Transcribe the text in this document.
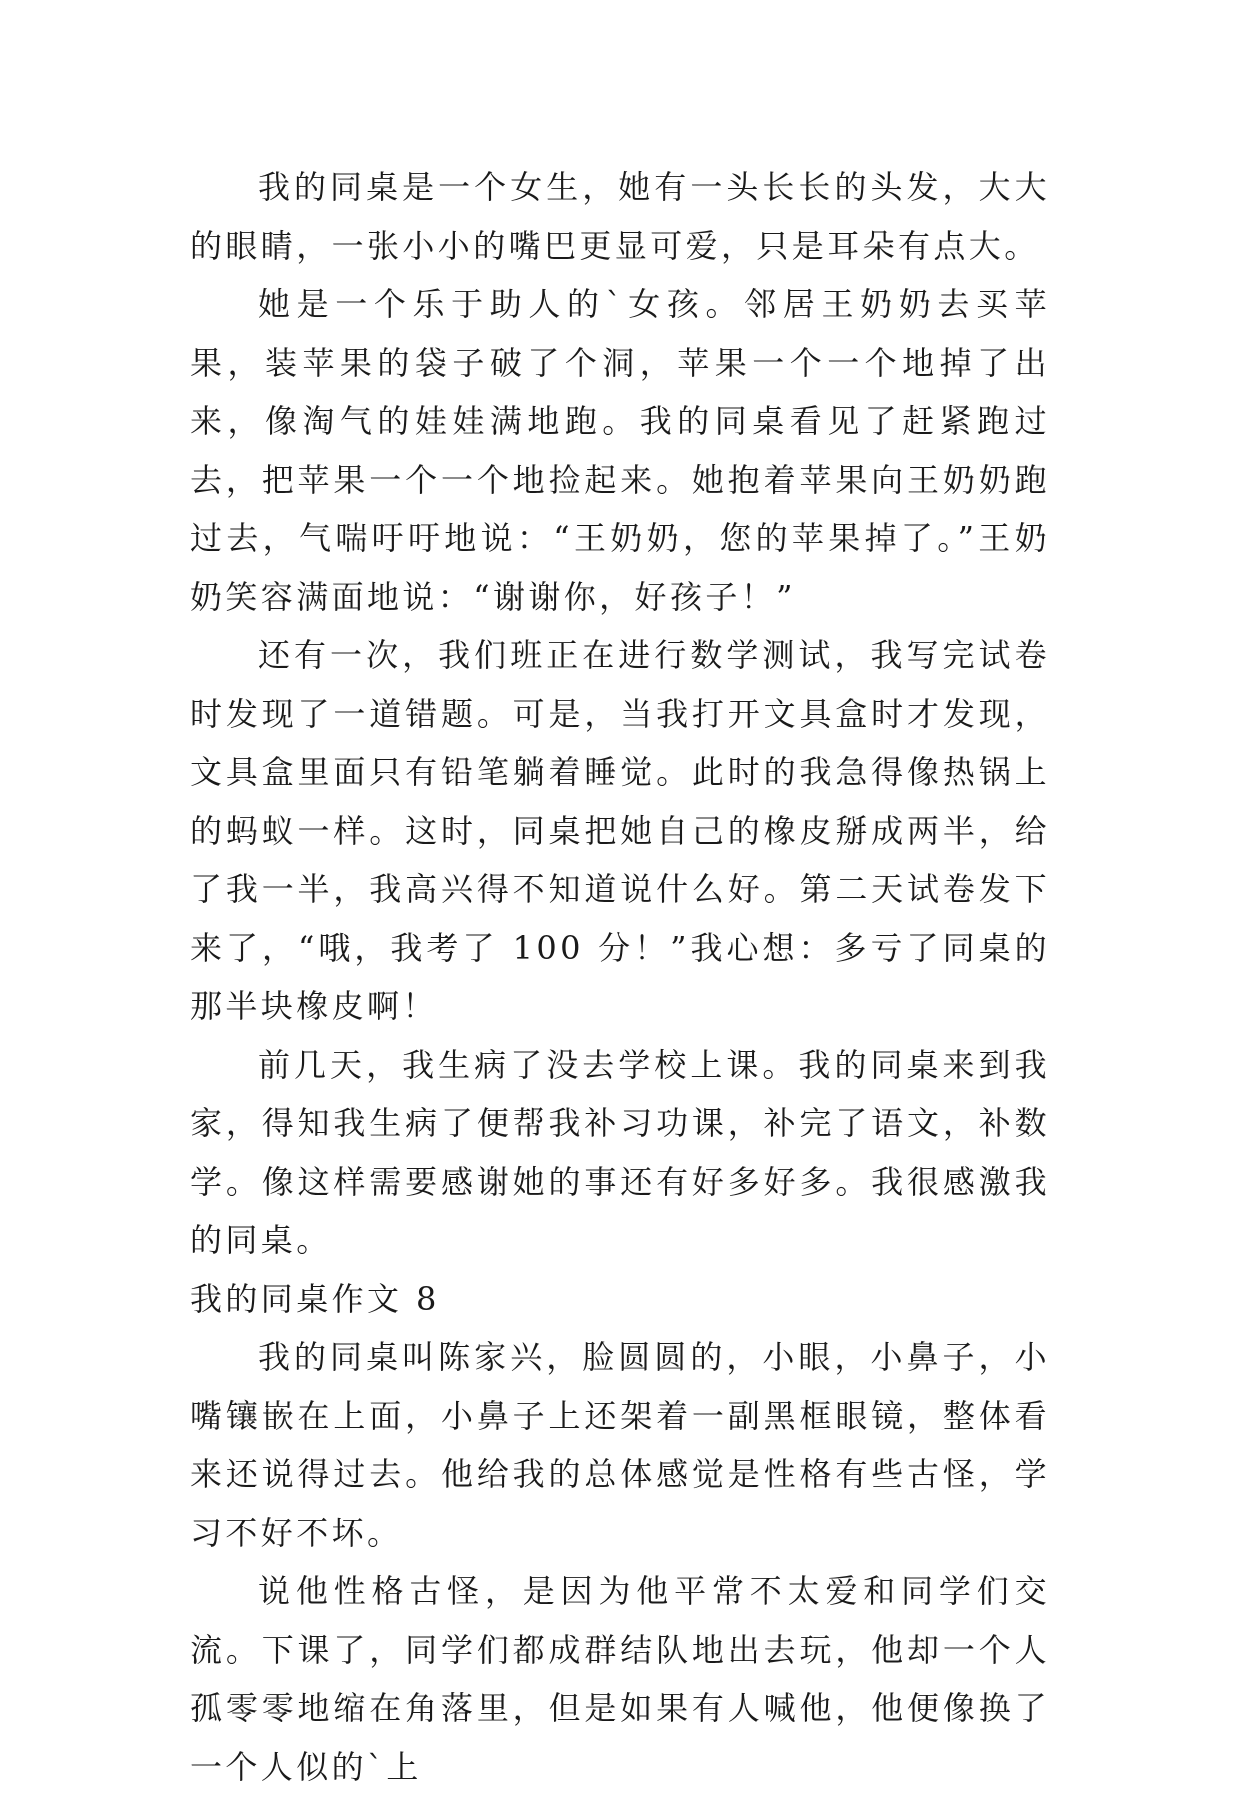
我的同桌是一个女生，她有一头长长的头发，大大的眼睛，一张小小的嘴巴更显可爱，只是耳朵有点大。

她是一个乐于助人的`女孩。邻居王奶奶去买苹果，装苹果的袋子破了个洞，苹果一个一个地掉了出来，像淘气的娃娃满地跑。我的同桌看见了赶紧跑过去，把苹果一个一个地捡起来。她抱着苹果向王奶奶跑过去，气喘吁吁地说：“王奶奶，您的苹果掉了。”王奶奶笑容满面地说：“谢谢你，好孩子！”

还有一次，我们班正在进行数学测试，我写完试卷时发现了一道错题。可是，当我打开文具盒时才发现，文具盒里面只有铅笔躺着睡觉。此时的我急得像热锅上的蚂蚁一样。这时，同桌把她自己的橡皮掰成两半，给了我一半，我高兴得不知道说什么好。第二天试卷发下来了，“哦，我考了 100 分！”我心想：多亏了同桌的那半块橡皮啊！

前几天，我生病了没去学校上课。我的同桌来到我家，得知我生病了便帮我补习功课，补完了语文，补数学。像这样需要感谢她的事还有好多好多。我很感激我的同桌。

我的同桌作文 8

我的同桌叫陈家兴，脸圆圆的，小眼，小鼻子，小嘴镶嵌在上面，小鼻子上还架着一副黑框眼镜，整体看来还说得过去。他给我的总体感觉是性格有些古怪，学习不好不坏。

说他性格古怪，是因为他平常不太爱和同学们交流。下课了，同学们都成群结队地出去玩，他却一个人孤零零地缩在角落里，但是如果有人喊他，他便像换了一个人似的`上
